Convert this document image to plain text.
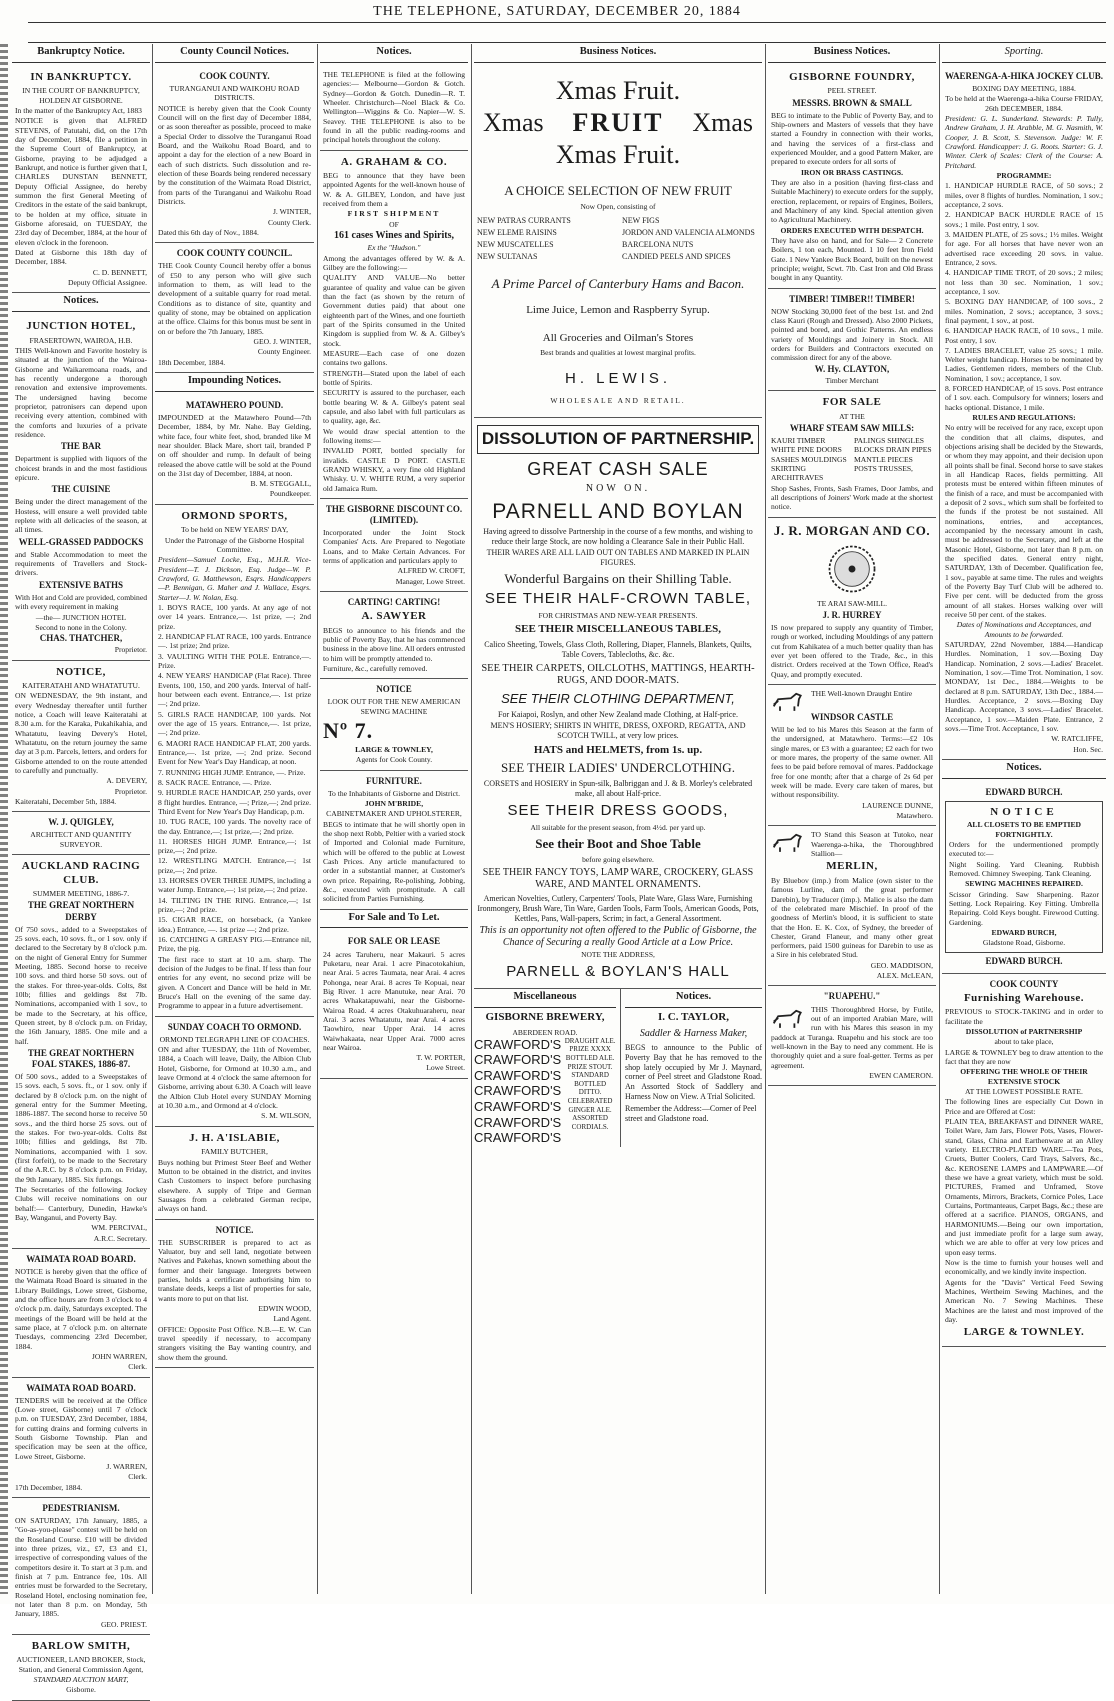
THE TELEPHONE, SATURDAY, DECEMBER 20, 1884
Bankruptcy Notice.
IN BANKRUPTCY.

IN THE COURT OF BANKRUPTCY, HOLDEN AT GISBORNE.

In the matter of the Bankruptcy Act, 1883

NOTICE is given that ALFRED STEVENS, of Patutahi, did, on the 17th day of December, 1884, file a petition in the Supreme Court of Bankruptcy, at Gisborne, praying to be adjudged a Bankrupt, and notice is further given that I, CHARLES DUNSTAN BENNETT, Deputy Official Assignee, do hereby summon the first General Meeting of Creditors in the estate of the said bankrupt, to be holden at my office, situate in Gisborne aforesaid, on TUESDAY, the 23rd day of December, 1884, at the hour of eleven o'clock in the forenoon.

Dated at Gisborne this 18th day of December, 1884.

C. D. BENNETT,

Deputy Official Assignee.

Notices.
JUNCTION HOTEL,

FRASERTOWN, WAIROA, H.B.

THIS Well-known and Favorite hostelry is situated at the junction of the Wairoa-Gisborne and Waikaremoana roads, and has recently undergone a thorough renovation and extensive improvements. The undersigned having become proprietor, patronisers can depend upon receiving every attention, combined with the comforts and luxuries of a private residence.

THE BAR

Department is supplied with liquors of the choicest brands in and the most fastidious epicure.

THE CUISINE

Being under the direct management of the Hostess, will ensure a well provided table replete with all delicacies of the season, at all times.

WELL-GRASSED PADDOCKS

and Stable Accommodation to meet the requirements of Travellers and Stock-drivers.

EXTENSIVE BATHS

With Hot and Cold are provided, combined with every requirement in making

—the— JUNCTION HOTEL

Second to none in the Colony.

CHAS. THATCHER,

Proprietor.

NOTICE,

KAITERATAHI AND WHATATUTU.

ON WEDNESDAY, the 9th instant, and every Wednesday thereafter until further notice, a Coach will leave Kaiteratahi at 8.30 a.m. for the Karaka, Pukahikahia, and Whatatutu, leaving Devery's Hotel, Whatatutu, on the return journey the same day at 3 p.m. Parcels, letters, and orders for Gisborne attended to on the route attended to carefully and punctually.

A. DEVERY,

Proprietor.

Kaiteratahi, December 5th, 1884.

W. J. QUIGLEY,

ARCHITECT AND QUANTITY SURVEYOR.

AUCKLAND RACING CLUB.

SUMMER MEETING, 1886-7.

THE GREAT NORTHERN DERBY

Of 750 sovs., added to a Sweepstakes of 25 sovs. each, 10 sovs. ft., or 1 sov. only if declared to the Secretary by 8 o'clock p.m. on the night of General Entry for Summer Meeting, 1885. Second horse to receive 100 sovs. and third horse 50 sovs. out of the stakes. For three-year-olds. Colts, 8st 10lb; fillies and geldings 8st 7lb. Nominations, accompanied with 1 sov., to be made to the Secretary, at his office, Queen street, by 8 o'clock p.m. on Friday, the 16th January, 1885. One mile and a half.

THE GREAT NORTHERN FOAL STAKES, 1886-87.

Of 500 sovs., added to a Sweepstakes of 15 sovs. each, 5 sovs. ft., or 1 sov. only if declared by 8 o'clock p.m. on the night of general entry for the Summer Meeting, 1886-1887. The second horse to receive 50 sovs., and the third horse 25 sovs. out of the stakes. For two-year-olds. Colts 8st 10lb; fillies and geldings, 8st 7lb. Nominations, accompanied with 1 sov. (first forfeit), to be made to the Secretary of the A.R.C. by 8 o'clock p.m. on Friday, the 9th January, 1885. Six furlongs.

The Secretaries of the following Jockey Clubs will receive nominations on our behalf:— Canterbury, Dunedin, Hawke's Bay, Wanganui, and Poverty Bay.

WM. PERCIVAL,

A.R.C. Secretary.

WAIMATA ROAD BOARD.

NOTICE is hereby given that the office of the Waimata Road Board is situated in the Library Buildings, Lowe street, Gisborne, and the office hours are from 3 o'clock to 4 o'clock p.m. daily, Saturdays excepted. The meetings of the Board will be held at the same place, at 7 o'clock p.m. on alternate Tuesdays, commencing 23rd December, 1884.

JOHN WARREN,

Clerk.

WAIMATA ROAD BOARD.

TENDERS will be received at the Office (Lowe street, Gisborne) until 7 o'clock p.m. on TUESDAY, 23rd December, 1884, for cutting drains and forming culverts in South Gisborne Township. Plan and specification may be seen at the office, Lowe Street, Gisborne.

J. WARREN,

Clerk.

17th December, 1884.

PEDESTRIANISM.

ON SATURDAY, 17th January, 1885, a "Go-as-you-please" contest will be held on the Roseland Course. £10 will be divided into three prizes, viz., £7, £3 and £1, irrespective of corresponding values of the competitors desire it. To start at 3 p.m. and finish at 7 p.m. Entrance fee, 10s. All entries must be forwarded to the Secretary, Roseland Hotel, enclosing nomination fee, not later than 8 p.m. on Monday, 5th January, 1885.

GEO. PRIEST.

BARLOW SMITH,

AUCTIONEER, LAND BROKER, Stock, Station, and General Commission Agent,

STANDARD AUCTION MART,

Gisborne.

County Council Notices.
COOK COUNTY.

TURANGANUI AND WAIKOHU ROAD DISTRICTS.

NOTICE is hereby given that the Cook County Council will on the first day of December 1884, or as soon thereafter as possible, proceed to make a Special Order to dissolve the Turanganui Road Board, and the Waikohu Road Board, and to appoint a day for the election of a new Board in each of such districts. Such dissolution and re-election of these Boards being rendered necessary by the constitution of the Waimata Road District, from parts of the Turanganui and Waikohu Road Districts.

J. WINTER,

County Clerk.

Dated this 6th day of Nov., 1884.

COOK COUNTY COUNCIL.

THE Cook County Council hereby offer a bonus of £50 to any person who will give such information to them, as will lead to the development of a suitable quarry for road metal. Conditions as to distance of site, quantity and quality of stone, may be obtained on application at the office. Claims for this bonus must be sent in on or before the 7th January, 1885.

GEO. J. WINTER,

County Engineer.

18th December, 1884.

Impounding Notices.
MATAWHERO POUND.

IMPOUNDED at the Matawhero Pound—7th December, 1884, by Mr. Nahe. Bay Gelding, white face, four white feet, shod, branded like M near shoulder. Black Mare, short tail, branded P on off shoulder and rump. In default of being released the above cattle will be sold at the Pound on the 31st day of December, 1884, at noon.

B. M. STEGGALL,

Poundkeeper.

ORMOND SPORTS,

To be held on NEW YEARS' DAY,

Under the Patronage of the Gisborne Hospital Committee.

President—Samuel Locke, Esq., M.H.R. Vice-President—T. J. Dickson, Esq. Judge—W. P. Crawford, G. Matthewson, Esqrs. Handicappers—P. Bennigan, G. Maher and J. Wallace, Esqrs. Starter—J. W. Nolan, Esq.

1. BOYS RACE, 100 yards. At any age of not over 14 years. Entrance,—. 1st prize, —; 2nd prize.

2. HANDICAP FLAT RACE, 100 yards. Entrance —. 1st prize; 2nd prize.

3. VAULTING WITH THE POLE. Entrance,—. Prize.

4. NEW YEARS' HANDICAP (Flat Race). Three Events, 100, 150, and 200 yards. Interval of half-hour between each event. Entrance,—. 1st prize —; 2nd prize.

5. GIRLS RACE HANDICAP, 100 yards. Not over the age of 15 years. Entrance,—. 1st prize, —; 2nd prize.

6. MAORI RACE HANDICAP FLAT, 200 yards. Entrance,—. 1st prize, —; 2nd prize. Second Event for New Year's Day Handicap, at noon.

7. RUNNING HIGH JUMP. Entrance, —. Prize.

8. SACK RACE. Entrance, —. Prize.

9. HURDLE RACE HANDICAP, 250 yards, over 8 flight hurdles. Entrance, —; Prize,—; 2nd prize. Third Event for New Year's Day Handicap, p.m.

10. TUG RACE, 100 yards. The novelty race of the day. Entrance,—; 1st prize,—; 2nd prize.

11. HORSES HIGH JUMP. Entrance,—; 1st prize,—; 2nd prize.

12. WRESTLING MATCH. Entrance,—; 1st prize,—; 2nd prize.

13. HORSES OVER THREE JUMPS, including a water Jump. Entrance,—; 1st prize,—; 2nd prize.

14. TILTING IN THE RING. Entrance,—; 1st prize,—; 2nd prize.

15. CIGAR RACE, on horseback, (a Yankee idea.) Entrance, —. 1st prize —; 2nd prize.

16. CATCHING A GREASY PIG.—Entrance nil, Prize, the pig.

The first race to start at 10 a.m. sharp. The decision of the Judges to be final. If less than four entries for any event, no second prize will be given. A Concert and Dance will be held in Mr. Bruce's Hall on the evening of the same day. Programme to appear in a future advertisement.

SUNDAY COACH TO ORMOND.

ORMOND TELEGRAPH LINE OF COACHES.

ON and after TUESDAY, the 11th of November, 1884, a Coach will leave, Daily, the Albion Club Hotel, Gisborne, for Ormond at 10.30 a.m., and leave Ormond at 4 o'clock the same afternoon for Gisborne, arriving about 6.30. A Coach will leave the Albion Club Hotel every SUNDAY Morning at 10.30 a.m., and Ormond at 4 o'clock.

S. M. WILSON,

J. H. A'ISLABIE,

FAMILY BUTCHER,

Buys nothing but Primest Steer Beef and Wether Mutton to be obtained in the district, and invites Cash Customers to inspect before purchasing elsewhere. A supply of Tripe and German Sausages from a celebrated German recipe, always on hand.

NOTICE.

THE SUBSCRIBER is prepared to act as Valuator, buy and sell land, negotiate between Natives and Pakehas, known something about the former and their language. Intergrets between parties, holds a certificate authorising him to translate deeds, keeps a list of properties for sale, wants more to put on that list.

EDWIN WOOD,

Land Agent.

OFFICE: Opposite Post Office. N.B.—E. W. Can travel speedily if necessary, to accompany strangers visiting the Bay wanting country, and show them the ground.

Notices.

THE TELEPHONE is filed at the following agencies:— Melbourne—Gordon & Gotch. Sydney—Gordon & Gotch. Dunedin—R. T. Wheeler. Christchurch—Noel Black & Co. Wellington—Wiggins & Co. Napier—W. S. Seavey. THE TELEPHONE is also to be found in all the public reading-rooms and principal hotels throughout the colony.

A. GRAHAM & CO.

BEG to announce that they have been appointed Agents for the well-known house of W. & A. GILBEY, London, and have just received from them a

FIRST SHIPMENT

OF

161 cases Wines and Spirits,

Ex the "Hudson."

Among the advantages offered by W. & A. Gilbey are the following:—

QUALITY AND VALUE—No better guarantee of quality and value can be given than the fact (as shown by the return of Government duties paid) that about one eighteenth part of the Wines, and one fourtieth part of the Spirits consumed in the United Kingdom is supplied from W. & A. Gilbey's stock.

MEASURE—Each case of one dozen contains two gallons.

STRENGTH—Stated upon the label of each bottle of Spirits.

SECURITY is assured to the purchaser, each bottle bearing W. & A. Gilbey's patent seal capsule, and also label with full particulars as to quality, age, &c.

We would draw special attention to the following items:—

INVALID PORT, bottled specially for invalids. CASTLE D PORT. CASTLE GRAND WHISKY, a very fine old Highland Whisky. U. V. WHITE RUM, a very superior old Jamaica Rum.

THE GISBORNE DISCOUNT CO. (LIMITED).

Incorporated under the Joint Stock Companies' Acts. Are Prepared to Negotiate Loans, and to Make Certain Advances. For terms of application and particulars apply to

ALFRED W. CROFT,

Manager, Lowe Street.

CARTING! CARTING!
A. SAWYER

BEGS to announce to his friends and the public of Poverty Bay, that he has commenced business in the above line. All orders entrusted to him will be promptly attended to.

Furniture, &c., carefully removed.

NOTICE

LOOK OUT FOR THE NEW AMERICAN SEWING MACHINE

Nº 7.

LARGE & TOWNLEY,

Agents for Cook County.

FURNITURE.

To the Inhabitants of Gisborne and District.

JOHN M'BRIDE,

CABINETMAKER AND UPHOLSTERER,

BEGS to intimate that he will shortly open in the shop next Robb, Peltier with a varied stock of Imported and Colonial made Furniture, which will be offered to the public at Lowest Cash Prices. Any article manufactured to order in a substantial manner, at Customer's own price. Repairing, Re-polishing, Jobbing, &c., executed with promptitude. A call solicited from Parties Furnishing.

For Sale and To Let.
FOR SALE OR LEASE

24 acres Taruheru, near Makauri. 5 acres Puketaru, near Arai. 1 acre Pinacotokahiun, near Arai. 5 acres Taumata, near Arai. 4 acres Pohonga, near Arai. 8 acres Te Kopuai, near Big River. 1 acre Manutuke, near Arai. 70 acres Whakatapuwahi, near the Gisborne-Wairoa Road. 4 acres Otakuhuaraheru, near Arai. 3 acres Whatatutu, near Arai. 4 acres Taowhiro, near Upper Arai. 14 acres Waiwhakaata, near Upper Arai. 7000 acres near Wairoa.

T. W. PORTER,

Lowe Street.

Business Notices.
Xmas Fruit.
Xmas FRUIT Xmas
Xmas Fruit.
A CHOICE SELECTION OF NEW FRUIT
Now Open, consisting of
NEW PATRAS CURRANTS	NEW FIGS
NEW ELEME RAISINS	JORDON AND VALENCIA ALMONDS
NEW MUSCATELLES	BARCELONA NUTS
NEW SULTANAS	CANDIED PEELS AND SPICES
A Prime Parcel of Canterbury Hams and Bacon.
Lime Juice, Lemon and Raspberry Syrup.
All Groceries and Oilman's Stores
Best brands and qualities at lowest marginal profits.
H. LEWIS.
WHOLESALE AND RETAIL.
DISSOLUTION OF PARTNERSHIP.
GREAT CASH SALE
NOW ON.
PARNELL AND BOYLAN

Having agreed to dissolve Partnership in the course of a few months, and wishing to reduce their large Stock, are now holding a Clearance Sale in their Public Hall.

THEIR WARES ARE ALL LAID OUT ON TABLES AND MARKED IN PLAIN FIGURES.

Wonderful Bargains on their Shilling Table.
SEE THEIR HALF-CROWN TABLE,
FOR CHRISTMAS AND NEW-YEAR PRESENTS.
SEE THEIR MISCELLANEOUS TABLES,

Calico Sheeting, Towels, Glass Cloth, Rollering, Diaper, Flannels, Blankets, Quilts, Table Covers, Tablecloths, &c. &c.

SEE THEIR CARPETS, OILCLOTHS, MATTINGS, HEARTH-RUGS, AND DOOR-MATS.
SEE THEIR CLOTHING DEPARTMENT,

For Kaiapoi, Roslyn, and other New Zealand made Clothing, at Half-price.

MEN'S HOSIERY; SHIRTS IN WHITE, DRESS, OXFORD, REGATTA, AND SCOTCH TWILL, at very low prices.

HATS and HELMETS, from 1s. up.
SEE THEIR LADIES' UNDERCLOTHING.

CORSETS and HOSIERY in Spun-silk, Balbriggan and J. & B. Morley's celebrated make, all about Half-price.

SEE THEIR DRESS GOODS,
All suitable for the present season, from 4½d. per yard up.
See their Boot and Shoe Table
before going elsewhere.
SEE THEIR FANCY TOYS, LAMP WARE, CROCKERY, GLASS WARE, AND MANTEL ORNAMENTS.

American Novelties, Cutlery, Carpenters' Tools, Plate Ware, Glass Ware, Furnishing Ironmongery, Brush Ware, Tin Ware, Garden Tools, Farm Tools, American Goods, Pots, Kettles, Pans, Wall-papers, Scrim; in fact, a General Assortment.

This is an opportunity not often offered to the Public of Gisborne, the Chance of Securing a really Good Article at a Low Price.

NOTE THE ADDRESS,
PARNELL & BOYLAN'S HALL
Miscellaneous
GISBORNE BREWERY,
ABERDEEN ROAD.
CRAWFORD'S
CRAWFORD'S
CRAWFORD'S
CRAWFORD'S
CRAWFORD'S
CRAWFORD'S
CRAWFORD'S
DRAUGHT ALE. PRIZE XXXX BOTTLED ALE. PRIZE STOUT. STANDARD BOTTLED DITTO. CELEBRATED GINGER ALE. ASSORTED CORDIALS.
Notices.
I. C. TAYLOR,
Saddler & Harness Maker,

BEGS to announce to the Public of Poverty Bay that he has removed to the shop lately occupied by Mr J. Maynard, corner of Peel street and Gladstone Road. An Assorted Stock of Saddlery and Harness Now on View. A Trial Solicited.

Remember the Address:—Corner of Peel street and Gladstone road.

Business Notices.
GISBORNE FOUNDRY,

PEEL STREET.

MESSRS. BROWN & SMALL

BEG to intimate to the Public of Poverty Bay, and to Ship-owners and Masters of vessels that they have started a Foundry in connection with their works, and having the services of a first-class and experienced Moulder, and a good Pattern Maker, are prepared to execute orders for all sorts of

IRON OR BRASS CASTINGS.

They are also in a position (having first-class and Suitable Machinery) to execute orders for the supply, erection, replacement, or repairs of Engines, Boilers, and Machinery of any kind. Special attention given to Agricultural Machinery.

ORDERS EXECUTED WITH DESPATCH.

They have also on hand, and for Sale— 2 Concrete Boilers, 1 ton each, Mounted. 1 10 feet Iron Field Gate. 1 New Yankee Buck Board, built on the newest principle; weight, Scwt. 7lb. Cast Iron and Old Brass bought in any Quantity.

TIMBER! TIMBER!! TIMBER!

NOW Stocking 30,000 feet of the best 1st. and 2nd class Kauri (Rough and Dressed). Also 2000 Pickets, pointed and bored, and Gothic Patterns. An endless variety of Mouldings and Joinery in Stock. All orders for Builders and Contractors executed on commission direct for any of the above.

W. Hy. CLAYTON,

Timber Merchant

FOR SALE

AT THE

WHARF STEAM SAW MILLS:
KAURI TIMBER WHITE PINE DOORS SASHES MOULDINGS SKIRTING ARCHITRAVES
PALINGS SHINGLES BLOCKS DRAIN PIPES MANTLE PIECES POSTS TRUSSES,

Shop Sashes, Fronts, Sash Frames, Door Jambs, and all descriptions of Joiners' Work made at the shortest notice.

J. R. MORGAN AND CO.

TE ARAI SAW-MILL.

J. R. HURREY

IS now prepared to supply any quantity of Timber, rough or worked, including Mouldings of any pattern cut from Kahikatea of a much better quality than has ever yet been offered to the Trade, &c., in this district. Orders received at the Town Office, Read's Quay, and promptly executed.

THE Well-known Draught Entire

WINDSOR CASTLE

Will be led to his Mares this Season at the farm of the undersigned, at Matawhero. Terms:—£2 10s single mares, or £3 with a guarantee; £2 each for two or more mares, the property of the same owner. All fees to be paid before removal of mares. Paddockage free for one month; after that a charge of 2s 6d per week will be made. Every care taken of mares, but without responsibility.

LAURENCE DUNNE,

Matawhero.

TO Stand this Season at Tutoko, near Waerenga-a-hika, the Thoroughbred Stallion—

MERLIN,

By Bluebov (imp.) from Malice (own sister to the famous Lurline, dam of the great performer Darebin), by Traducer (imp.). Malice is also the dam of the celebrated mare Mischief. In proof of the goodness of Merlin's blood, it is sufficient to state that the Hon. E. K. Cox, of Sydney, the breeder of Chester, Grand Flaneur, and many other great performers, paid 1500 guineas for Darebin to use as a Sire in his celebrated Stud.

GEO. MADDISON,

ALEX. McLEAN,

"RUAPEHU."

THIS Thoroughbred Horse, by Futile, out of an imported Arabian Mare, will run with his Mares this season in my paddock at Turanga. Ruapehu and his stock are too well-known in the Bay to need any comment. He is thoroughly quiet and a sure foal-getter. Terms as per agreement.

EWEN CAMERON.

Sporting.
WAERENGA-A-HIKA JOCKEY CLUB.

BOXING DAY MEETING, 1884.

To be held at the Waerenga-a-hika Course FRIDAY, 26th DECEMBER, 1884.

President: G. L. Sunderland. Stewards: P. Tully, Andrew Graham, J. H. Arabble, M. G. Nasmith, W. Cooper, J. B. Scott, S. Stevenson. Judge: W. F. Crawford. Handicapper: J. G. Roots. Starter: G. J. Winter. Clerk of Scales: Clerk of the Course: A. Pritchard.

PROGRAMME:

1. HANDICAP HURDLE RACE, of 50 sovs.; 2 miles, over 8 flights of hurdles. Nomination, 1 sov.; acceptance, 2 sovs.

2. HANDICAP BACK HURDLE RACE of 15 sovs.; 1 mile. Post entry, 1 sov.

3. MAIDEN PLATE, of 25 sovs.; 1½ miles. Weight for age. For all horses that have never won an advertised race exceeding 20 sovs. in value. Entrance, 2 sovs.

4. HANDICAP TIME TROT, of 20 sovs.; 2 miles; not less than 30 sec. Nomination, 1 sov.; acceptance, 1 sov.

5. BOXING DAY HANDICAP, of 100 sovs., 2 miles. Nomination, 2 sovs.; acceptance, 3 sovs.; final payment, 1 sov., at post.

6. HANDICAP HACK RACE, of 10 sovs., 1 mile. Post entry, 1 sov.

7. LADIES BRACELET, value 25 sovs.; 1 mile. Welter weight handicap. Horses to be nominated by Ladies, Gentlemen riders, members of the Club. Nomination, 1 sov.; acceptance, 1 sov.

8. FORCED HANDICAP, of 15 sovs. Post entrance of 1 sov. each. Compulsory for winners; losers and hacks optional. Distance, 1 mile.

RULES AND REGULATIONS:

No entry will be received for any race, except upon the condition that all claims, disputes, and objections arising shall be decided by the Stewards, or whom they may appoint, and their decision upon all points shall be final. Second horse to save stakes in all Handicap Races, fields permitting. All protests must be entered within fifteen minutes of the finish of a race, and must be accompanied with a deposit of 2 sovs., which sum shall be forfeited to the funds if the protest be not sustained. All nominations, entries, and acceptances, accompanied by the necessary amount in cash, must be addressed to the Secretary, and left at the Masonic Hotel, Gisborne, not later than 8 p.m. on the specified dates. General entry night, SATURDAY, 13th of December. Qualification fee, 1 sov., payable at same time. The rules and weights of the Poverty Bay Turf Club will be adhered to. Five per cent. will be deducted from the gross amount of all stakes. Horses walking over will receive 50 per cent. of the stakes.

Dates of Nominations and Acceptances, and Amounts to be forwarded.

SATURDAY, 22nd November, 1884.—Handicap Hurdles. Nomination, 1 sov.—Boxing Day Handicap. Nomination, 2 sovs.—Ladies' Bracelet. Nomination, 1 sov.—Time Trot. Nomination, 1 sov. MONDAY, 1st Dec., 1884.—Weights to be declared at 8 p.m. SATURDAY, 13th Dec., 1884.—Hurdles. Acceptance, 2 sovs.—Boxing Day Handicap. Acceptance, 3 sovs.—Ladies' Bracelet. Acceptance, 1 sov.—Maiden Plate. Entrance, 2 sovs.—Time Trot. Acceptance, 1 sov.

W. RATCLIFFE,

Hon. Sec.

Notices.
EDWARD BURCH.

NOTICE

ALL CLOSETS TO BE EMPTIED FORTNIGHTLY.

Orders for the undermentioned promptly executed to:—

Night Soiling. Yard Cleaning. Rubbish Removed. Chimney Sweeping. Tank Cleaning.

SEWING MACHINES REPAIRED.

Scissor Grinding. Saw Sharpening. Razor Setting. Lock Repairing. Key Fitting. Umbrella Repairing. Cold Keys bought. Firewood Cutting. Gardening.

EDWARD BURCH,

Gladstone Road, Gisborne.

EDWARD BURCH.
COOK COUNTY
Furnishing Warehouse.

PREVIOUS to STOCK-TAKING and in order to facilitate the

DISSOLUTION of PARTNERSHIP

about to take place,

LARGE & TOWNLEY beg to draw attention to the fact that they are now

OFFERING THE WHOLE OF THEIR EXTENSIVE STOCK

AT THE LOWEST POSSIBLE RATE.

The following lines are especially Cut Down in Price and are Offered at Cost:

PLAIN TEA, BREAKFAST and DINNER WARE, Toilet Ware, Jam Jars, Flower Pots, Vases, Flower-stand, Glass, China and Earthenware at an Alley variety. ELECTRO-PLATED WARE.—Tea Pots, Cruets, Butter Coolers, Card Trays, Salvers, &c., &c. KEROSENE LAMPS and LAMPWARE.—Of these we have a great variety, which must be sold. PICTURES, Framed and Unframed, Stove Ornaments, Mirrors, Brackets, Cornice Poles, Lace Curtains, Portmanteaus, Carpet Bags, &c.; these are offered at a sacrifice. PIANOS, ORGANS, and HARMONIUMS.—Being our own importation, and just immediate profit for a large sum away, which we are able to offer at very low prices and upon easy terms.

Now is the time to furnish your houses well and economically, and we kindly invite inspection.

Agents for the "Davis" Vertical Feed Sewing Machines, Wertheim Sewing Machines, and the American No. 7 Sewing Machines. These Machines are the latest and most improved of the day.

LARGE & TOWNLEY.
